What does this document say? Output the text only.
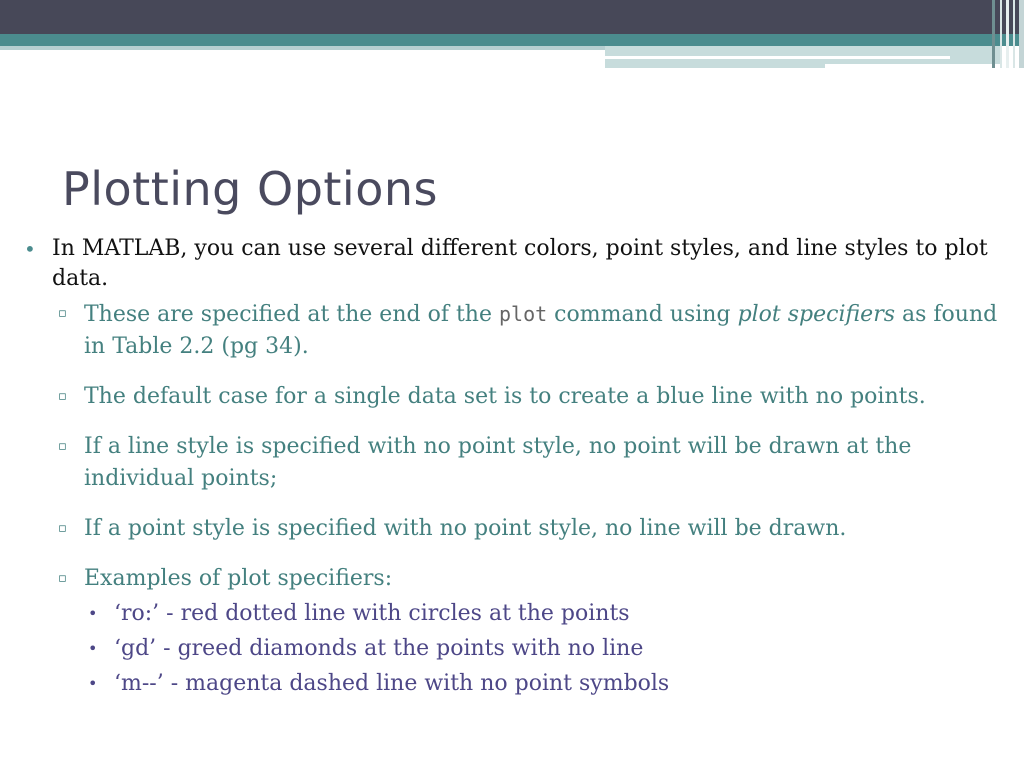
Plotting Options
• In MATLAB, you can use several different colors, point styles, and line styles to plot data.
▫ These are specified at the end of the plot command using plot specifiers as found in Table 2.2 (pg 34).
▫ The default case for a single data set is to create a blue line with no points.
▫ If a line style is specified with no point style, no point will be drawn at the individual points;
▫ If a point style is specified with no point style, no line will be drawn.
▫ Examples of plot specifiers:
• ‘ro:’ - red dotted line with circles at the points
• ‘gd’ - greed diamonds at the points with no line
• ‘m--’ - magenta dashed line with no point symbols
